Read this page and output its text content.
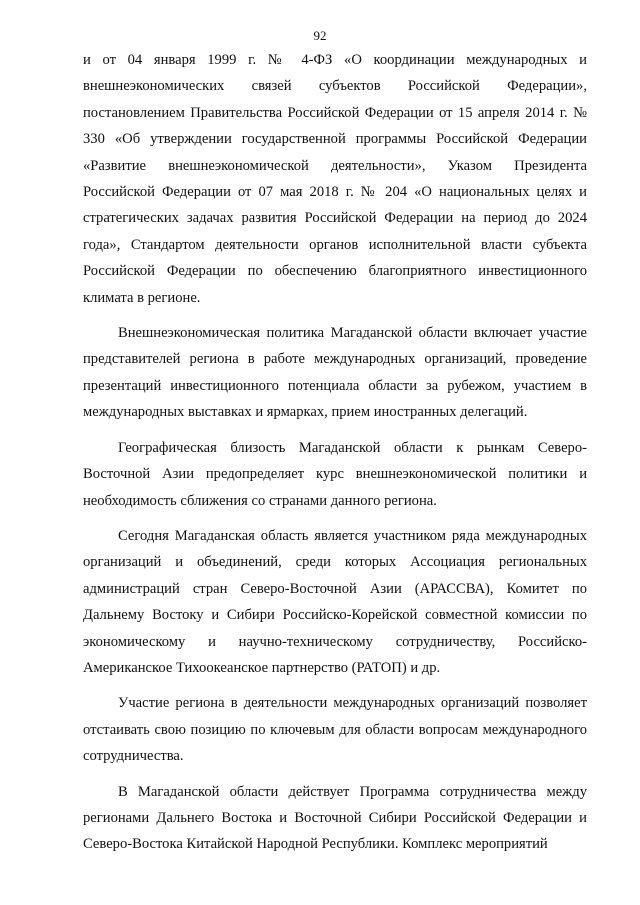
92

и от 04 января 1999 г. № 4-ФЗ «О координации международных и внешнеэкономических связей субъектов Российской Федерации», постановлением Правительства Российской Федерации от 15 апреля 2014 г. № 330 «Об утверждении государственной программы Российской Федерации «Развитие внешнеэкономической деятельности», Указом Президента Российской Федерации от 07 мая 2018 г. № 204 «О национальных целях и стратегических задачах развития Российской Федерации на период до 2024 года», Стандартом деятельности органов исполнительной власти субъекта Российской Федерации по обеспечению благоприятного инвестиционного климата в регионе.

Внешнеэкономическая политика Магаданской области включает участие представителей региона в работе международных организаций, проведение презентаций инвестиционного потенциала области за рубежом, участием в международных выставках и ярмарках, прием иностранных делегаций.

Географическая близость Магаданской области к рынкам Северо-Восточной Азии предопределяет курс внешнеэкономической политики и необходимость сближения со странами данного региона.

Сегодня Магаданская область является участником ряда международных организаций и объединений, среди которых Ассоциация региональных администраций стран Северо-Восточной Азии (АРАССВА), Комитет по Дальнему Востоку и Сибири Российско-Корейской совместной комиссии по экономическому и научно-техническому сотрудничеству, Российско-Американское Тихоокеанское партнерство (РАТОП) и др.

Участие региона в деятельности международных организаций позволяет отстаивать свою позицию по ключевым для области вопросам международного сотрудничества.

В Магаданской области действует Программа сотрудничества между регионами Дальнего Востока и Восточной Сибири Российской Федерации и Северо-Востока Китайской Народной Республики. Комплекс мероприятий
